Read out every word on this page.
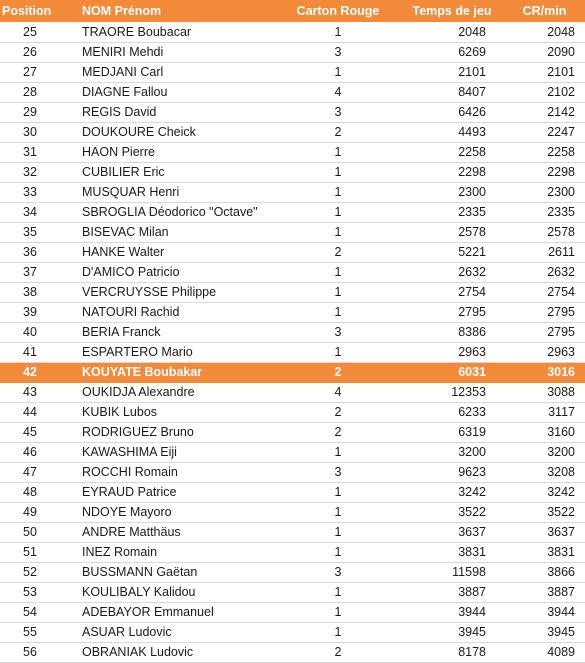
Position	NOM Prénom	Carton Rouge	Temps de jeu	CR/min
25	TRAORE Boubacar	1	2048	2048
26	MENIRI Mehdi	3	6269	2090
27	MEDJANI Carl	1	2101	2101
28	DIAGNE Fallou	4	8407	2102
29	REGIS David	3	6426	2142
30	DOUKOURE Cheick	2	4493	2247
31	HAON Pierre	1	2258	2258
32	CUBILIER Eric	1	2298	2298
33	MUSQUAR Henri	1	2300	2300
34	SBROGLIA Déodorico "Octave"	1	2335	2335
35	BISEVAC Milan	1	2578	2578
36	HANKE Walter	2	5221	2611
37	D'AMICO Patricio	1	2632	2632
38	VERCRUYSSE Philippe	1	2754	2754
39	NATOURI Rachid	1	2795	2795
40	BERIA Franck	3	8386	2795
41	ESPARTERO Mario	1	2963	2963
42	KOUYATE Boubakar	2	6031	3016
43	OUKIDJA Alexandre	4	12353	3088
44	KUBIK Lubos	2	6233	3117
45	RODRIGUEZ Bruno	2	6319	3160
46	KAWASHIMA Eiji	1	3200	3200
47	ROCCHI Romain	3	9623	3208
48	EYRAUD Patrice	1	3242	3242
49	NDOYE Mayoro	1	3522	3522
50	ANDRE Matthäus	1	3637	3637
51	INEZ Romain	1	3831	3831
52	BUSSMANN Gaëtan	3	11598	3866
53	KOULIBALY Kalidou	1	3887	3887
54	ADEBAYOR Emmanuel	1	3944	3944
55	ASUAR Ludovic	1	3945	3945
56	OBRANIAK Ludovic	2	8178	4089
